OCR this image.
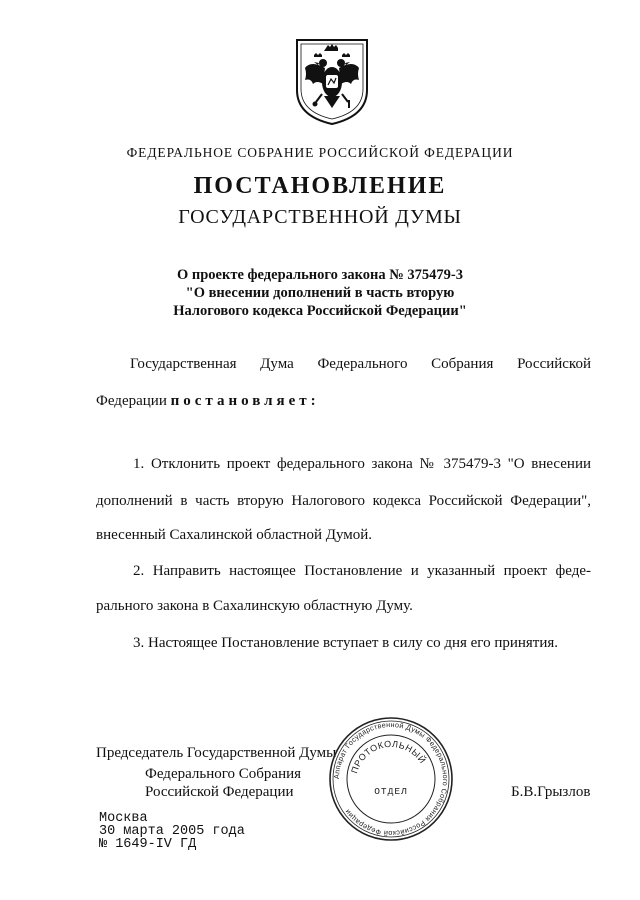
ФЕДЕРАЛЬНОЕ СОБРАНИЕ РОССИЙСКОЙ ФЕДЕРАЦИИ
ПОСТАНОВЛЕНИЕ
ГОСУДАРСТВЕННОЙ ДУМЫ
О проекте федерального закона № 375479-3
"О внесении дополнений в часть вторую
Налогового кодекса Российской Федерации"
Государственная Дума Федерального Собрания Российской
Федерации постановляет:
1. Отклонить проект федерального закона № 375479-3 "О внесении
дополнений в часть вторую Налогового кодекса Российской Федерации",
внесенный Сахалинской областной Думой.
2. Направить настоящее Постановление и указанный проект феде-
рального закона в Сахалинскую областную Думу.
3. Настоящее Постановление вступает в силу со дня его принятия.
Председатель Государственной Думы
Федерального Собрания
Российской Федерации	Б.В.Грызлов
Москва
30 марта 2005 года
№ 1649-IV ГД
Аппарат Государственной Думы Федерального Собрания Российской Федерации
ПРОТОКОЛЬНЫЙ
ОТДЕЛ
